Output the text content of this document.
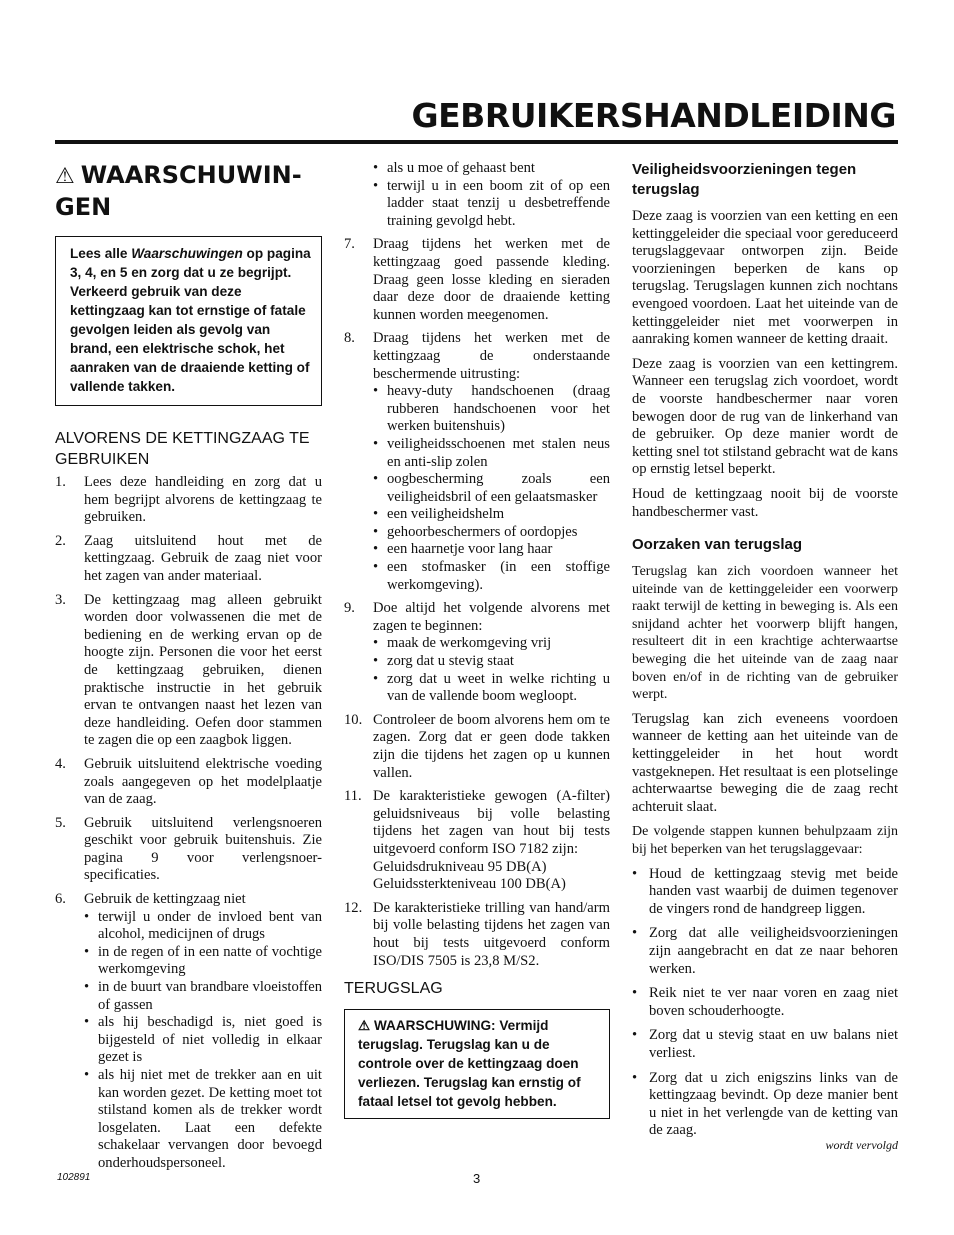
GEBRUIKERSHANDLEIDING
⚠ WAARSCHUWIN-GEN
Lees alle Waarschuwingen op pagina 3, 4, en 5 en zorg dat u ze begrijpt. Verkeerd gebruik van deze kettingzaag kan tot ernstige of fatale gevolgen leiden als gevolg van brand, een elektrische schok, het aanraken van de draaiende ketting of vallende takken.
ALVORENS DE KETTINGZAAG TE GEBRUIKEN
1. Lees deze handleiding en zorg dat u hem begrijpt alvorens de kettingzaag te gebruiken.
2. Zaag uitsluitend hout met de kettingzaag. Gebruik de zaag niet voor het zagen van ander materiaal.
3. De kettingzaag mag alleen gebruikt worden door volwassenen die met de bediening en de werking ervan op de hoogte zijn. Personen die voor het eerst de kettingzaag gebruiken, dienen praktische instructie in het gebruik ervan te ontvangen naast het lezen van deze handleiding. Oefen door stammen te zagen die op een zaagbok liggen.
4. Gebruik uitsluitend elektrische voeding zoals aangegeven op het modelplaatje van de zaag.
5. Gebruik uitsluitend verlengsnoeren geschikt voor gebruik buitenshuis. Zie pagina 9 voor verlengsnoer-specificaties.
6. Gebruik de kettingzaag niet
• terwijl u onder de invloed bent van alcohol, medicijnen of drugs
• in de regen of in een natte of vochtige werkomgeving
• in de buurt van brandbare vloeistoffen of gassen
• als hij beschadigd is, niet goed is bijgesteld of niet volledig in elkaar gezet is
• als hij niet met de trekker aan en uit kan worden gezet. De ketting moet tot stilstand komen als de trekker wordt losgelaten. Laat een defekte schakelaar vervangen door bevoegd onderhoudspersoneel.
• als u moe of gehaast bent
• terwijl u in een boom zit of op een ladder staat tenzij u desbetreffende training gevolgd hebt.
7. Draag tijdens het werken met de kettingzaag goed passende kleding. Draag geen losse kleding en sieraden daar deze door de draaiende ketting kunnen worden meegenomen.
8. Draag tijdens het werken met de kettingzaag de onderstaande beschermende uitrusting:
• heavy-duty handschoenen (draag rubberen handschoenen voor het werken buitenshuis)
• veiligheidsschoenen met stalen neus en anti-slip zolen
• oogbescherming zoals een veiligheidsbril of een gelaatsmasker
• een veiligheidshelm
• gehoorbeschermers of oordopjes
• een haarnetje voor lang haar
• een stofmasker (in een stoffige werkomgeving).
9. Doe altijd het volgende alvorens met zagen te beginnen:
• maak de werkomgeving vrij
• zorg dat u stevig staat
• zorg dat u weet in welke richting u van de vallende boom wegloopt.
10. Controleer de boom alvorens hem om te zagen. Zorg dat er geen dode takken zijn die tijdens het zagen op u kunnen vallen.
11. De karakteristieke gewogen (A-filter) geluidsniveaus bij volle belasting tijdens het zagen van hout bij tests uitgevoerd conform ISO 7182 zijn:
Geluidsdrukniveau 95 DB(A)
Geluidssterkteniveau 100 DB(A)
12. De karakteristieke trilling van hand/arm bij volle belasting tijdens het zagen van hout bij tests uitgevoerd conform ISO/DIS 7505 is 23,8 M/S2.
TERUGSLAG
⚠ WAARSCHUWING: Vermijd terugslag. Terugslag kan u de controle over de kettingzaag doen verliezen. Terugslag kan ernstig of fataal letsel tot gevolg hebben.
Veiligheidsvoorzieningen tegen terugslag

Deze zaag is voorzien van een ketting en een kettinggeleider die speciaal voor gereduceerd terugslaggevaar ontworpen zijn. Beide voorzieningen beperken de kans op terugslag. Terugslagen kunnen zich nochtans evengoed voordoen. Laat het uiteinde van de kettinggeleider niet met voorwerpen in aanraking komen wanneer de ketting draait.

Deze zaag is voorzien van een kettingrem. Wanneer een terugslag zich voordoet, wordt de voorste handbeschermer naar voren bewogen door de rug van de linkerhand van de gebruiker. Op deze manier wordt de ketting snel tot stilstand gebracht wat de kans op ernstig letsel beperkt.

Houd de kettingzaag nooit bij de voorste handbeschermer vast.

Oorzaken van terugslag

Terugslag kan zich voordoen wanneer het uiteinde van de kettinggeleider een voorwerp raakt terwijl de ketting in beweging is. Als een snijdand achter het voorwerp blijft hangen, resulteert dit in een krachtige achterwaartse beweging die het uiteinde van de zaag naar boven en/of in de richting van de gebruiker werpt.

Terugslag kan zich eveneens voordoen wanneer de ketting aan het uiteinde van de kettinggeleider in het hout wordt vastgeknepen. Het resultaat is een plotselinge achterwaartse beweging die de zaag recht achteruit slaat.

De volgende stappen kunnen behulpzaam zijn bij het beperken van het terugslaggevaar:

• Houd de kettingzaag stevig met beide handen vast waarbij de duimen tegenover de vingers rond de handgreep liggen.
• Zorg dat alle veiligheidsvoorzieningen zijn aangebracht en dat ze naar behoren werken.
• Reik niet te ver naar voren en zaag niet boven schouderhoogte.
• Zorg dat u stevig staat en uw balans niet verliest.
• Zorg dat u zich enigszins links van de kettingzaag bevindt. Op deze manier bent u niet in het verlengde van de ketting van de zaag.
wordt vervolgd
102891	3
